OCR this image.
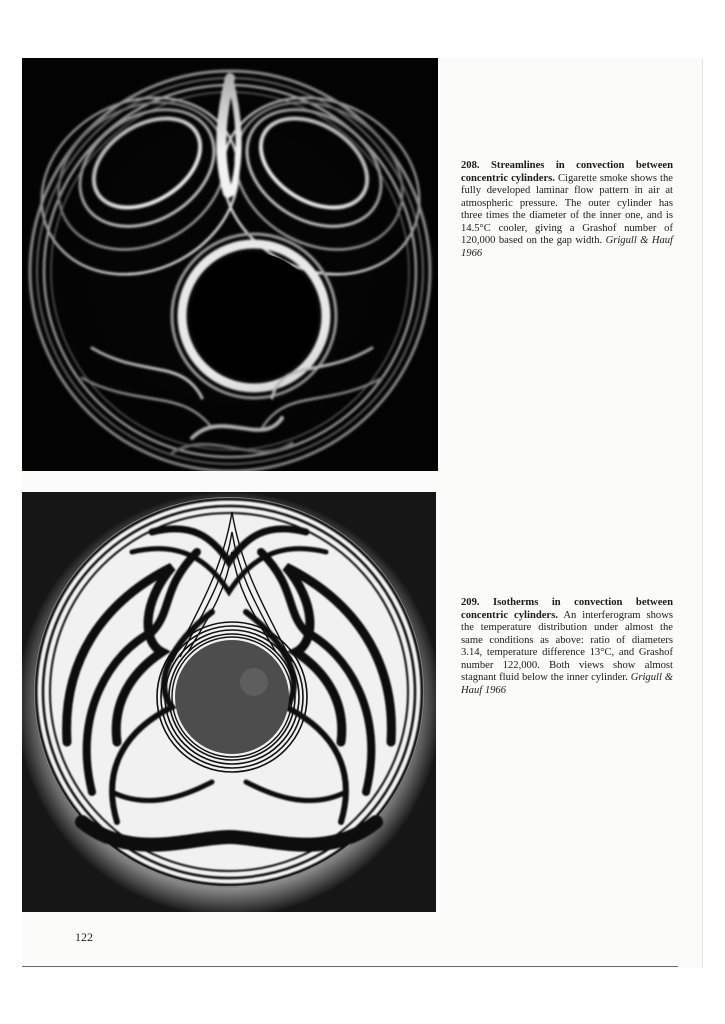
208. Streamlines in convection between concentric cylinders. Cigarette smoke shows the fully developed laminar flow pattern in air at atmospheric pressure. The outer cylinder has three times the diameter of the inner one, and is 14.5°C cooler, giving a Grashof number of 120,000 based on the gap width. Grigull & Hauf 1966
209. Isotherms in convection between concentric cylinders. An interferogram shows the temperature distribution under almost the same conditions as above: ratio of diameters 3.14, temperature difference 13°C, and Grashof number 122,000. Both views show almost stagnant fluid below the inner cylinder. Grigull & Hauf 1966
122
